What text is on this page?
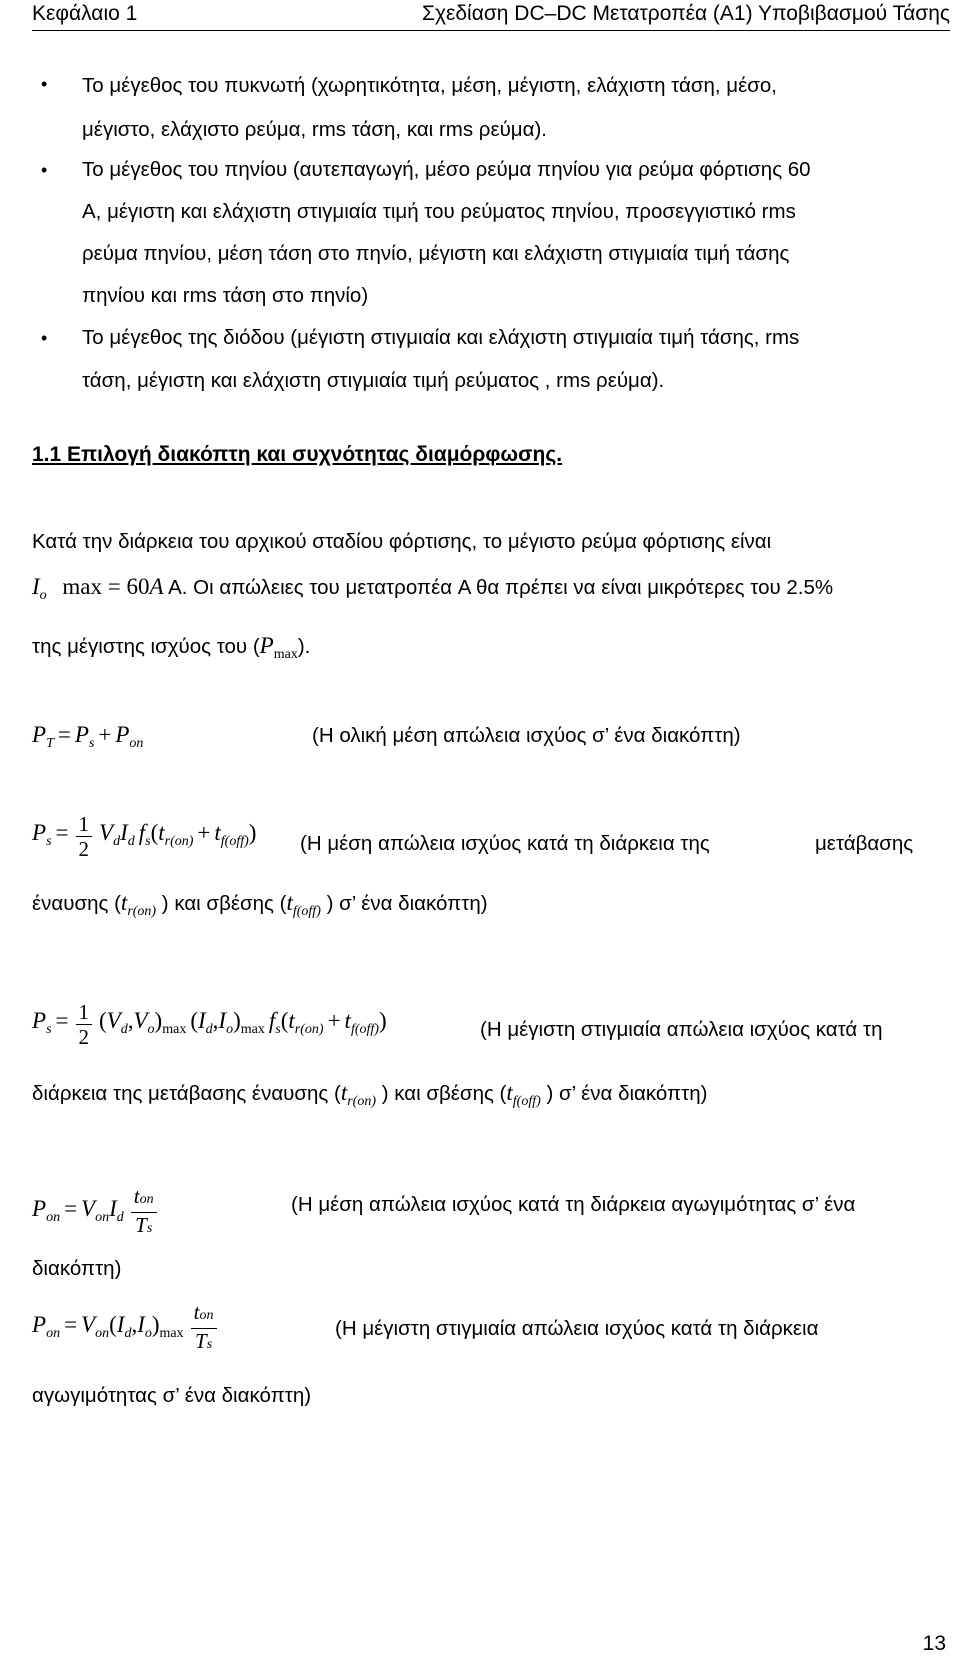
Κεφάλαιο 1	Σχεδίαση DC–DC Μετατροπέα (Α1) Υποβιβασμού Τάσης
• Το μέγεθος του πυκνωτή (χωρητικότητα, μέση, μέγιστη, ελάχιστη τάση, μέσο,
μέγιστο, ελάχιστο ρεύμα, rms τάση, και rms ρεύμα).
• Το μέγεθος του πηνίου (αυτεπαγωγή, μέσο ρεύμα πηνίου για ρεύμα φόρτισης 60
A, μέγιστη και ελάχιστη στιγμιαία τιμή του ρεύματος πηνίου, προσεγγιστικό rms
ρεύμα πηνίου, μέση τάση στο πηνίο, μέγιστη και ελάχιστη στιγμιαία τιμή τάσης
πηνίου και rms τάση στο πηνίο)
• Το μέγεθος της διόδου (μέγιστη στιγμιαία και ελάχιστη στιγμιαία τιμή τάσης, rms
τάση, μέγιστη και ελάχιστη στιγμιαία τιμή ρεύματος , rms ρεύμα).
1.1 Επιλογή διακόπτη και συχνότητας διαμόρφωσης.
Κατά την διάρκεια του αρχικού σταδίου φόρτισης, το μέγιστο ρεύμα φόρτισης είναι
$I_o$ max = 60A A. Οι απώλειες του μετατροπέα A θα πρέπει να είναι μικρότερες του 2.5%
της μέγιστης ισχύος του $(P_{max})$.
PT = Ps + Pon	(Η ολική μέση απώλεια ισχύος σ’ ένα διακόπτη)
$Ps = \frac{1}{2}$ VdId fs(tr(on) + tf(off)) (Η μέση απώλεια ισχύος κατά τη διάρκεια της	μετάβασης
έναυσης ($t_{r(on)}$ ) και σβέσης ($t_{f(off)}$ ) σ’ ένα διακόπτη)
$Ps = \frac{1}{2} (Vd,Vo)\max$ (Id,Io)max fs(tr(on) + tf(off))	(Η μέγιστη στιγμιαία απώλεια ισχύος κατά τη
διάρκεια της μετάβασης έναυσης ($t_{r(on)}$ ) και σβέσης ($t_{f(off)}$ ) σ’ ένα διακόπτη)
Pon = VonId $\frac{\text{ton}}{Ts}$	(Η μέση απώλεια ισχύος κατά τη διάρκεια αγωγιμότητας σ’ ένα
διακόπτη)
Pon = $Von(Id,Io)\max \frac{\text{ton}}{Ts}$	(Η μέγιστη στιγμιαία απώλεια ισχύος κατά τη διάρκεια
αγωγιμότητας σ’ ένα διακόπτη)
13
